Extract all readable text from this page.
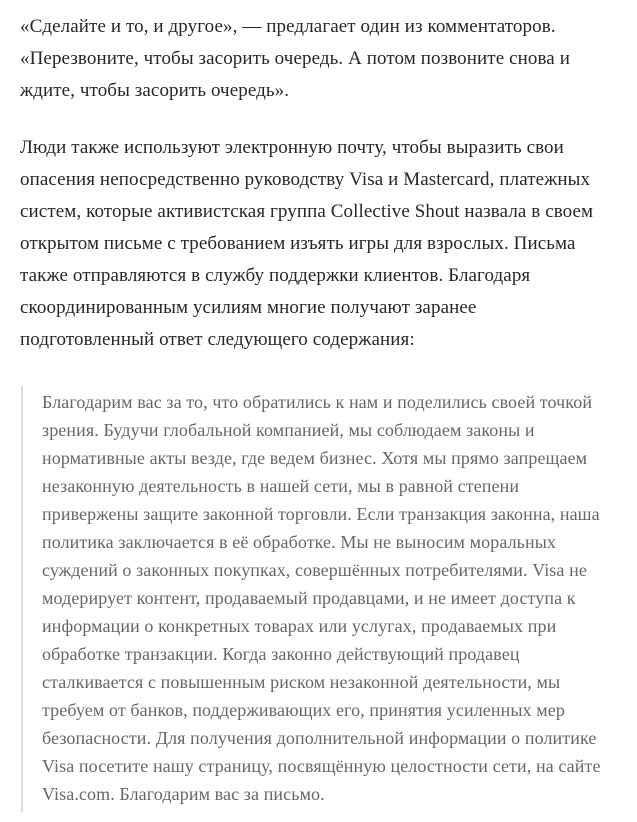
«Сделайте и то, и другое», — предлагает один из комментаторов. «Перезвоните, чтобы засорить очередь. А потом позвоните снова и ждите, чтобы засорить очередь».

Люди также используют электронную почту, чтобы выразить свои опасения непосредственно руководству Visa и Mastercard, платежных систем, которые активистская группа Collective Shout назвала в своем открытом письме с требованием изъять игры для взрослых. Письма также отправляются в службу поддержки клиентов. Благодаря скоординированным усилиям многие получают заранее подготовленный ответ следующего содержания:

Благодарим вас за то, что обратились к нам и поделились своей точкой зрения. Будучи глобальной компанией, мы соблюдаем законы и нормативные акты везде, где ведем бизнес. Хотя мы прямо запрещаем незаконную деятельность в нашей сети, мы в равной степени привержены защите законной торговли. Если транзакция законна, наша политика заключается в её обработке. Мы не выносим моральных суждений о законных покупках, совершённых потребителями. Visa не модерирует контент, продаваемый продавцами, и не имеет доступа к информации о конкретных товарах или услугах, продаваемых при обработке транзакции. Когда законно действующий продавец сталкивается с повышенным риском незаконной деятельности, мы требуем от банков, поддерживающих его, принятия усиленных мер безопасности. Для получения дополнительной информации о политике Visa посетите нашу страницу, посвящённую целостности сети, на сайте Visa.com. Благодарим вас за письмо.
